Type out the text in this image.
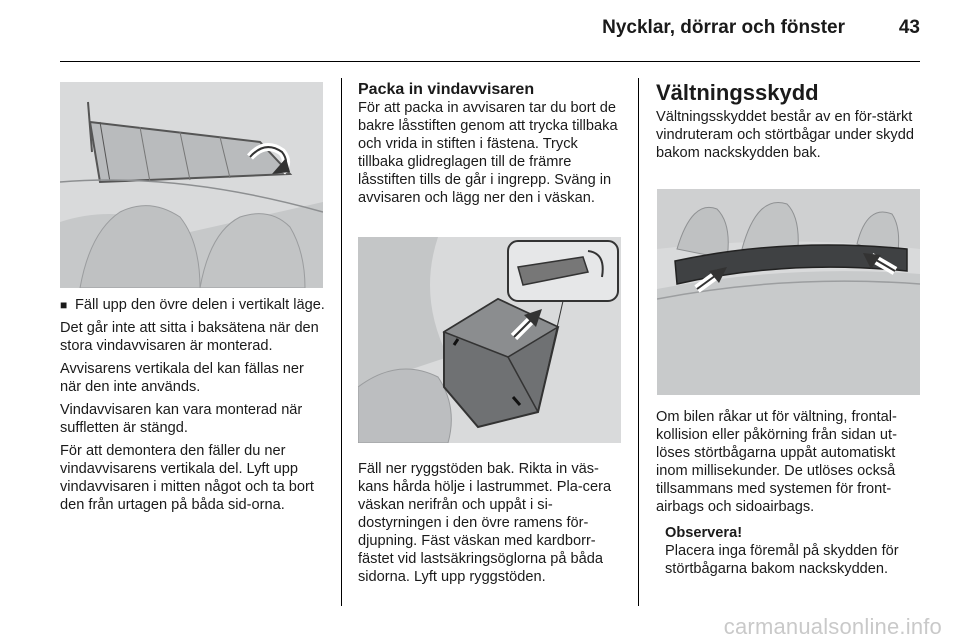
Nycklar, dörrar och fönster	43
■ Fäll upp den övre delen i vertikalt läge.

Det går inte att sitta i baksätena när den stora vindavvisaren är monterad.

Avvisarens vertikala del kan fällas ner när den inte används.

Vindavvisaren kan vara monterad när suffletten är stängd.

För att demontera den fäller du ner vindavvisarens vertikala del. Lyft upp vindavvisaren i mitten något och ta bort den från urtagen på båda sid-orna.

Packa in vindavvisaren

För att packa in avvisaren tar du bort de bakre låsstiften genom att trycka tillbaka och vrida in stiften i fästena. Tryck tillbaka glidreglagen till de främre låsstiften tills de går i ingrepp. Sväng in avvisaren och lägg ner den i väskan.

Fäll ner ryggstöden bak. Rikta in väs-kans hårda hölje i lastrummet. Pla-cera väskan nerifrån och uppåt i si-dostyrningen i den övre ramens för-djupning. Fäst väskan med kardborr-fästet vid lastsäkringsöglorna på båda sidorna. Lyft upp ryggstöden.

Vältningsskydd

Vältningsskyddet består av en för-stärkt vindruteram och störtbågar under skydd bakom nackskydden bak.

Om bilen råkar ut för vältning, frontal-kollision eller påkörning från sidan ut-löses störtbågarna uppåt automatiskt inom millisekunder. De utlöses också tillsammans med systemen för front-airbags och sidoairbags.

Observera!
Placera inga föremål på skydden för störtbågarna bakom nackskydden.
carmanualsonline.info
